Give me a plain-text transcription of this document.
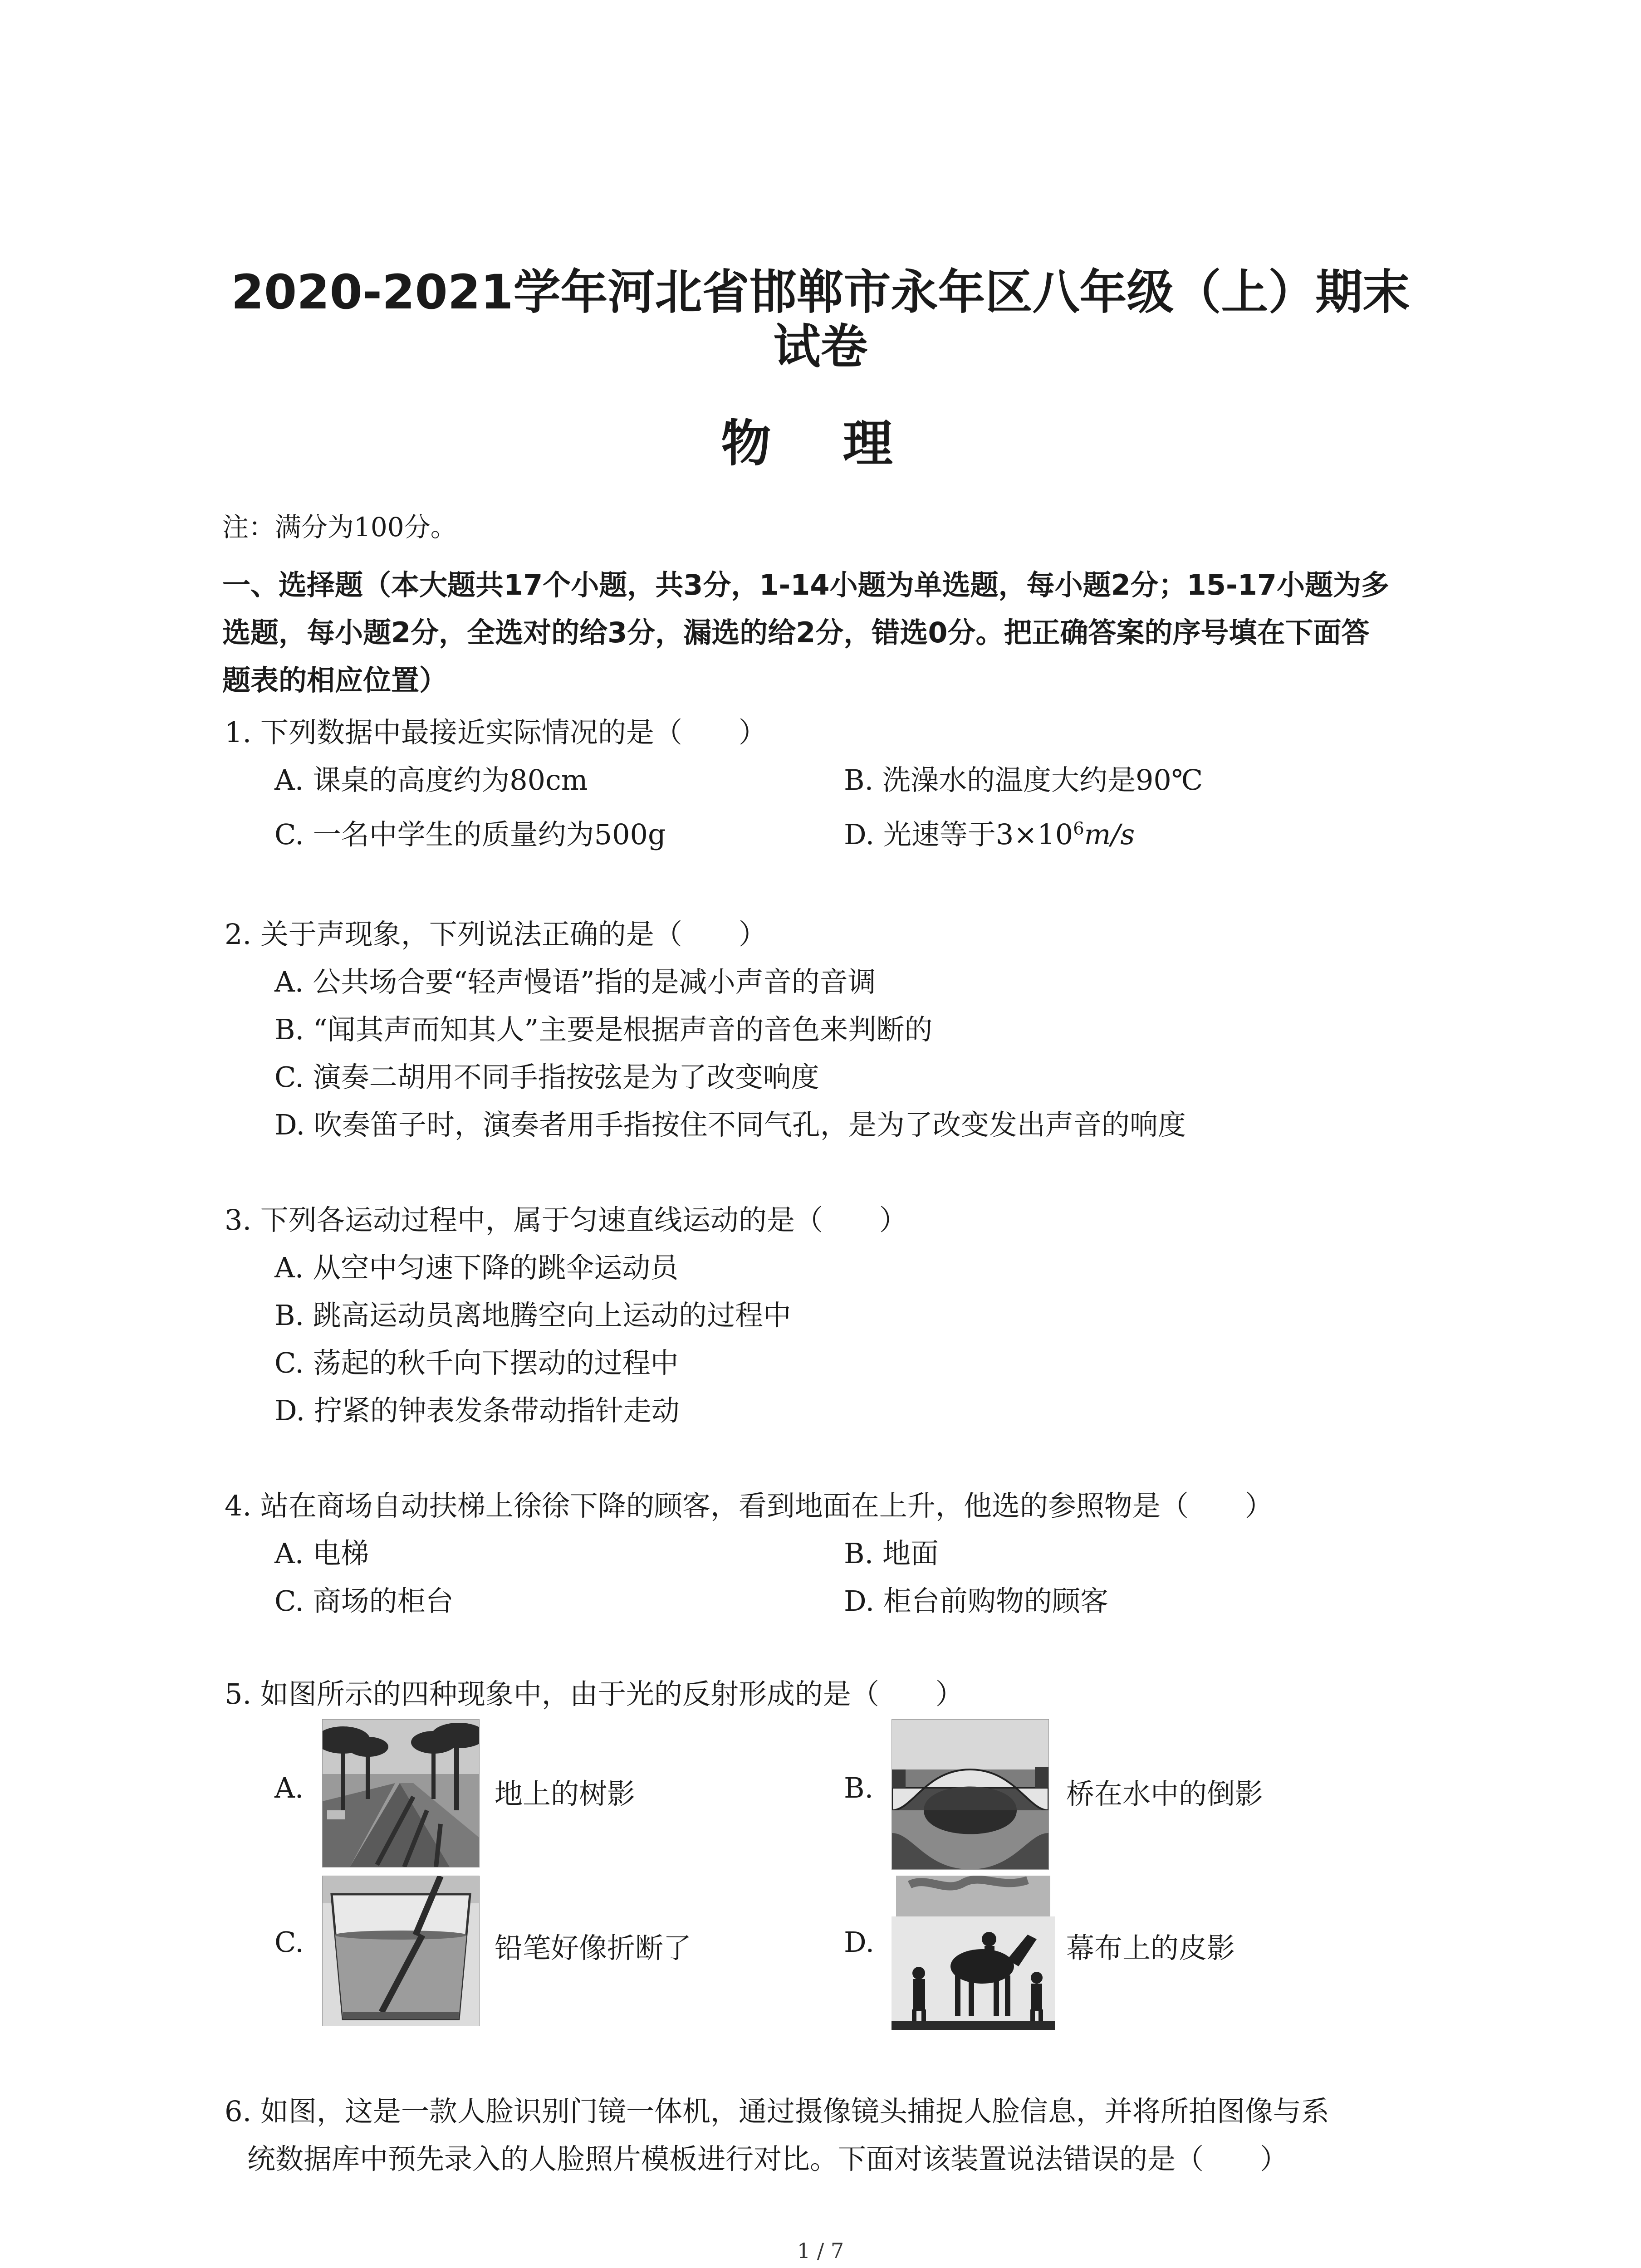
2020-2021学年河北省邯郸市永年区八年级（上）期末
试卷
物 理
注：满分为100分。
一、选择题（本大题共17个小题，共3分，1-14小题为单选题，每小题2分；15-17小题为多
选题，每小题2分，全选对的给3分，漏选的给2分，错选0分。把正确答案的序号填在下面答
题表的相应位置）
1. 下列数据中最接近实际情况的是（　　）
A. 课桌的高度约为80cm	B. 洗澡水的温度大约是90℃
C. 一名中学生的质量约为500g	D. 光速等于$3\times 10^6m/s$
2. 关于声现象，下列说法正确的是（　　）
A. 公共场合要“轻声慢语”指的是减小声音的音调
B. “闻其声而知其人”主要是根据声音的音色来判断的
C. 演奏二胡用不同手指按弦是为了改变响度
D. 吹奏笛子时，演奏者用手指按住不同气孔，是为了改变发出声音的响度
3. 下列各运动过程中，属于匀速直线运动的是（　　）
A. 从空中匀速下降的跳伞运动员
B. 跳高运动员离地腾空向上运动的过程中
C. 荡起的秋千向下摆动的过程中
D. 拧紧的钟表发条带动指针走动
4. 站在商场自动扶梯上徐徐下降的顾客，看到地面在上升，他选的参照物是（　　）
A. 电梯	B. 地面
C. 商场的柜台	D. 柜台前购物的顾客
5. 如图所示的四种现象中，由于光的反射形成的是（　　）
A.	地上的树影	B.	桥在水中的倒影
C.	铅笔好像折断了	D.	幕布上的皮影
6. 如图，这是一款人脸识别门镜一体机，通过摄像镜头捕捉人脸信息，并将所拍图像与系
统数据库中预先录入的人脸照片模板进行对比。下面对该装置说法错误的是（　　）
1 / 7
